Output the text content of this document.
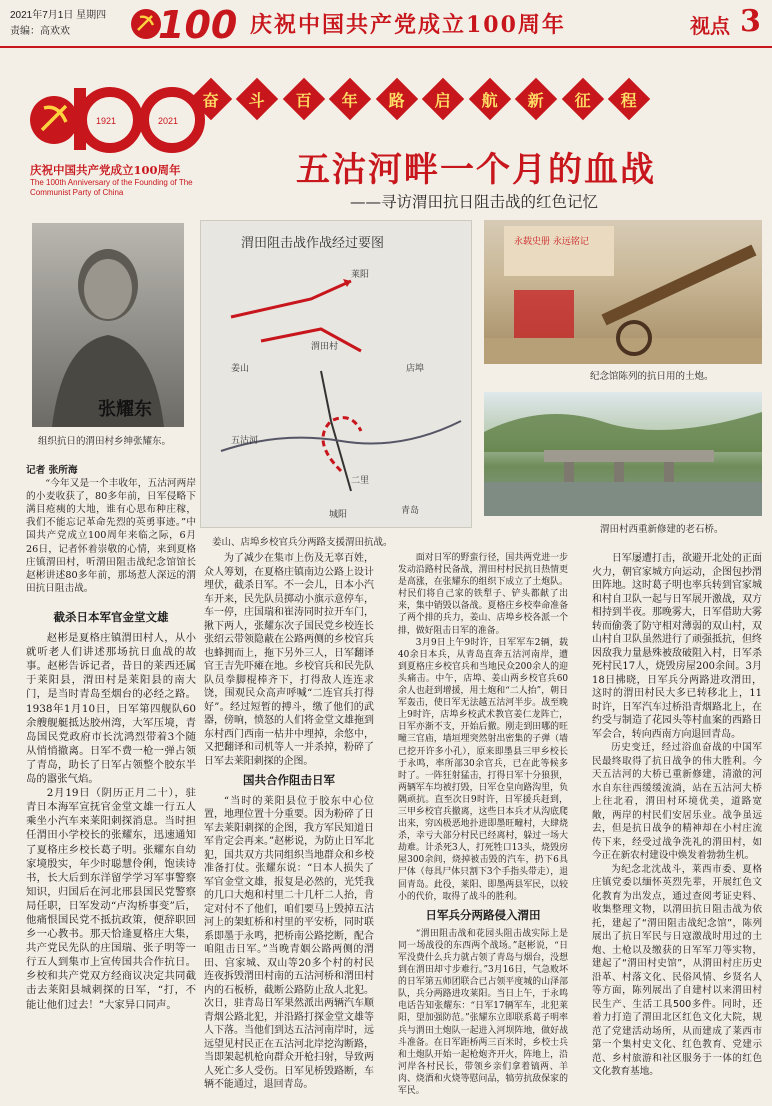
2021年7月1日 星期四
责编：高欢欢 100 庆祝中国共产党成立100周年	视点 3
1921	2021
庆祝中国共产党成立100周年
The 100th Anniversary of the Founding of The Communist Party of China
奋 斗 百 年 路 启 航 新 征 程
五沽河畔一个月的血战
——寻访渭田抗日阻击战的红色记忆
张耀东
组织抗日的渭田村乡绅张耀东。
渭田阻击战作战经过要图
渭田村
青岛
城阳
二里
姜山	店埠
莱阳
五沽河
姜山、店埠乡校官兵分两路支援渭田抗战。
永载史册 永远铭记
纪念馆陈列的抗日用的土炮。
渭田村西重新修建的老石桥。

记者 张所海

“今年又是一个丰收年，五沽河两岸的小麦收获了，80多年前，日军侵略下满目疮痍的大地，谁有心思布种庄稼，我们不能忘记革命先烈的英勇事迹。”中国共产党成立100周年来临之际，6月26日，记者怀着崇敬的心情，来到夏格庄镇渭田村，听渭田阻击战纪念馆馆长赵彬讲述80多年前，那场惹人深远的渭田抗日阻击战。

截杀日本军官金堂文雄

赵彬是夏格庄镇渭田村人，从小就听老人们讲述那场抗日血战的故事。赵彬告诉记者，昔日的莱西还属于莱阳县，渭田村是莱阳县的南大门，是当时青岛至烟台的必经之路。1938年1月10日，日军第四舰队60余艘舰艇抵达胶州湾，大军压境，青岛国民党政府市长沈鸿烈带着3个随从悄悄撤离。日军不费一枪一弹占领了青岛，助长了日军占领整个胶东半岛的嚣张气焰。

2月19日（阴历正月二十），驻青日本海军宣抚官金堂文雄一行五人乘坐小汽车来莱阳刺探消息。当时担任渭田小学校长的张耀东，迅速通知了夏格庄乡校长葛子明。张耀东自幼家境殷实，年少时聪慧伶俐，饱读诗书，长大后到东洋留学学习军事警察知识，归国后在河北邢县国民党警察局任职，日军发动“卢沟桥事变”后，他痛恨国民党不抵抗政策，便辞职回乡一心教书。那天恰逢夏格庄大集，共产党民先队的庄国瑞、张子明等一行五人到集市上宣传国共合作抗日。乡校和共产党双方经商议决定共同截击去莱阳县城刺探的日军，“打，不能让他们过去！”大家异口同声。

为了减少在集市上伤及无辜百姓，众人筹划，在夏格庄镇南边公路上设计埋伏，截杀日军。不一会儿，日本小汽车开来，民先队员掷动小旗示意停车，车一停，庄国瑞和崔涛同时拉开车门，揪下两人，张耀东次子国民党乡校连长张绍云带领隐蔽在公路两侧的乡校官兵也蜂拥而上，拖下另外三人，日军翻译官王吉先吓瘫在地。乡校官兵和民先队队员拳脚棍棒齐下，打得敌人连连求饶，围观民众高声呼喊“二连官兵打得好”。经过短暂的搏斗，缴了他们的武器，傍晌，愤怒的人们将金堂文雄拖到东村西门西南一枯井中埋掉，余悠中，又把翻译和司机等人一并杀掉，粉碎了日军去莱阳刺探的企图。

国共合作阻击日军

“当时的莱阳县位于胶东中心位置，地理位置十分重要。因为粉碎了日军去莱阳刺探的企图，我方军民知道日军肯定会再来。”赵彬说，为防止日军北犯，国共双方共同组织当地群众和乡校准备打仗。张耀东说：“日本人损失了军官金堂文雄，报复是必然的，光凭我的几口大炮和村里二十几杆二人抬，肯定对付不了他们，咱们要马上毁掉五沽河上的架虹桥和村里的平安桥，同时联系即墨于永鸣，把桥南公路挖断，配合咱阻击日军。”当晚青姻公路两侧的渭田、宫家城、双山等20多个村的村民连夜拆毁渭田村南的五沽河桥和渭田村内的石板桥，截断公路防止敌人北犯。次日，驻青岛日军果然派出两辆汽车顺青烟公路北犯，并沿路打探金堂文雄等人下落。当他们到达五沽河南岸时，远远望见村民正在五沽河北岸挖沟断路，当即架起机枪向群众开枪扫射，导致两人死亡多人受伤。日军见桥毁路断，车辆不能通过，退回青岛。

面对日军的野蛮行径，国共两党进一步发动沿路村民备战，渭田村村民抗日热情更是高涨，在张耀东的组织下成立了土炮队。村民们将自己家的铁犁子、铲头都献了出来，集中销毁以备战。夏格庄乡校奉命准备了两个排的兵力，姜山、店埠乡校各派一个排，做好阻击日军的准备。

3月9日上午9时许，日军军车2辆，载40余日本兵，从青岛直奔五沽河南岸，遭到夏格庄乡校官兵和当地民众200余人的迎头痛击。中午，店埠、姜山两乡校官兵60余人也赶到增援，用土炮和“二人抬”，朝日军轰击，使日军无法越五沽河半步。战至晚上9时许，店埠乡校武术教官姜仁龙阵亡，日军亦渐不支，开始后撤。刚走到田哪的旺疃三官庙，墙垣埋突然射出密集的子弹（墙已挖开许多小孔），原来即墨县三甲乡校长于永鸣，率所部30余官兵，已在此等候多时了。一阵狂射猛击，打得日军十分狼狈，两辆军车均被打毁，日军仓皇向路沟里，负隅顽抗。直至次日9时许，日军援兵赶到，三甲乡校官兵撤离，这些日本兵才从沟底爬出来，穷凶极恶地扑进即墨旺疃村，大肆烧杀，幸亏大部分村民已经离村，躲过一场大劫难。计杀死3人，打死牲口13头，烧毁房屋300余间，烧掉被击毁的汽车，扔下6具尸体（每具尸体只割下3个手指头带走），退回青岛。此役，莱阳、即墨两县军民，以较小的代价，取得了战斗的胜利。

日军兵分两路侵入渭田

“渭田阻击战和花园头阻击战实际上是同一场战役的东西两个战场。”赵彬说，“日军没费什么兵力就占领了青岛与烟台，没想到在渭田却寸步难行。”3月16日，气急败坏的日军第五师团联合已占领平度城的山泽部队，兵分两路进攻莱阳。当日上午，于永鸣电话告知张耀东：“日军17辆军车，北犯莱阳，望加强防范。”张耀东立即联系葛子明率兵与渭田土炮队一起进入河坝阵地，做好战斗准备。在日军距桥两三百米时，乡校士兵和土炮队开始一起枪炮齐开火，阵地上，沿河岸各村民长，带领乡亲们拿着镐两、羊肉、烧酒和火烧等慰问品，犒劳抗敌保家的军民。

日军屡遭打击，欲避开北处的正面火力，朝官家城方向运动，企图包抄渭田阵地。这时葛子明也率兵转到官家城和村自卫队一起与日军展开激战，双方相持到半夜。那晚雾大，日军借助大雾转而偷袭了防守相对薄弱的双山村，双山村自卫队虽然进行了顽强抵抗，但终因敌我力量悬殊被敌破阻入村，日军杀死村民17人，烧毁房屋200余间。3月18日拂晓，日军兵分两路进攻渭田，这时的渭田村民大多已转移北上，11时许，日军汽车过桥沿青烟路北上，在约受与制造了花园头等村血案的西路日军会合，转向西南方向退回青岛。

历史变迁，经过浴血奋战的中国军民最终取得了抗日战争的伟大胜利。今天五沽河的大桥已重新修建，清澈的河水自东往西缓缓流淌，站在五沽河大桥上往北看，渭田村环境优美，道路宽敞，两岸的村民们安居乐业。战争虽远去，但是抗日战争的精神却在小村庄流传下来，经受过战争洗礼的渭田村，如今正在新农村建设中焕发着勃勃生机。

为纪念北沈战斗，莱西市委、夏格庄镇党委以缅怀英烈先辈，开展红色文化教育为出发点，通过查阅考证史料、收集整理文物，以渭田抗日阻击战为依托，建起了“渭田阻击战纪念馆”，陈列展出了抗日军民与日寇激战时用过的土炮、土枪以及缴获的日军军刀等实物，建起了“渭田村史馆”，从渭田村庄历史沿革、村落文化、民俗风情、乡贤名人等方面，陈列展出了自建村以来渭田村民生产、生活工具500多件。同时，还着力打造了渭田北区红色文化大院，规范了党建活动场所，从而建成了莱西市第一个集村史文化、红色教育、党建示范、乡村旅游和社区服务于一体的红色文化教育基地。
